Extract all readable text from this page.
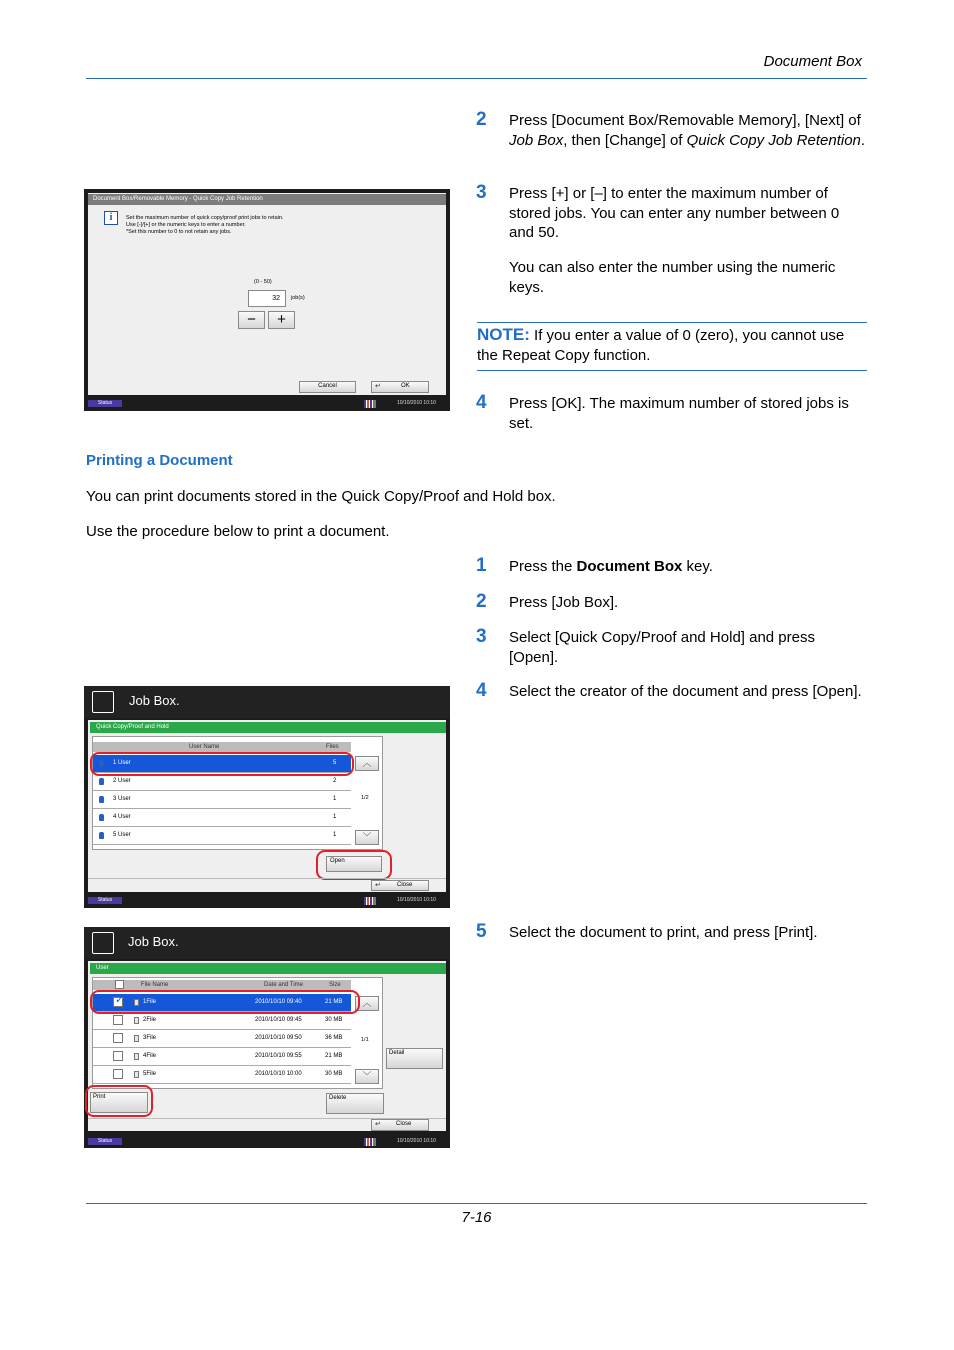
Document Box
Document Box/Removable Memory - Quick Copy Job Retention
i	Set the maximum number of quick copy/proof print jobs to retain.
Use [-]/[+] or the numeric keys to enter a number.
*Set this number to 0 to not retain any jobs.
(0 - 50)
32	job(s)
−	+
Cancel	↵	OK
Status	10/10/2010 10:10
2 Press [Document Box/Removable Memory], [Next] of Job Box, then [Change] of Quick Copy Job Retention.
3 Press [+] or [–] to enter the maximum number of stored jobs. You can enter any number between 0 and 50.
You can also enter the number using the numeric keys.
NOTE: If you enter a value of 0 (zero), you cannot use the Repeat Copy function.
4 Press [OK]. The maximum number of stored jobs is set.
Printing a Document
You can print documents stored in the Quick Copy/Proof and Hold box.
Use the procedure below to print a document.
1 Press the Document Box key.
2 Press [Job Box].
3 Select [Quick Copy/Proof and Hold] and press [Open].
4 Select the creator of the document and press [Open].
5 Select the document to print, and press [Print].
Job Box.
Quick Copy/Proof and Hold
User Name	Files
1 User	5
2 User	2
3 User	1
4 User	1
5 User	1
︿
1/2
﹀
Open
↵	Close
Status	10/10/2010 10:10
Job Box.
User
File Name	Date and Time	Size
✓	1File	2010/10/10 09:40	21 MB
2File	2010/10/10 09:45	30 MB
3File	2010/10/10 09:50	36 MB
4File	2010/10/10 09:55	21 MB
5File	2010/10/10 10:00	30 MB
︿
1/1
﹀
Detail
Print	Delete
↵	Close
Status	10/10/2010 10:10
7-16
